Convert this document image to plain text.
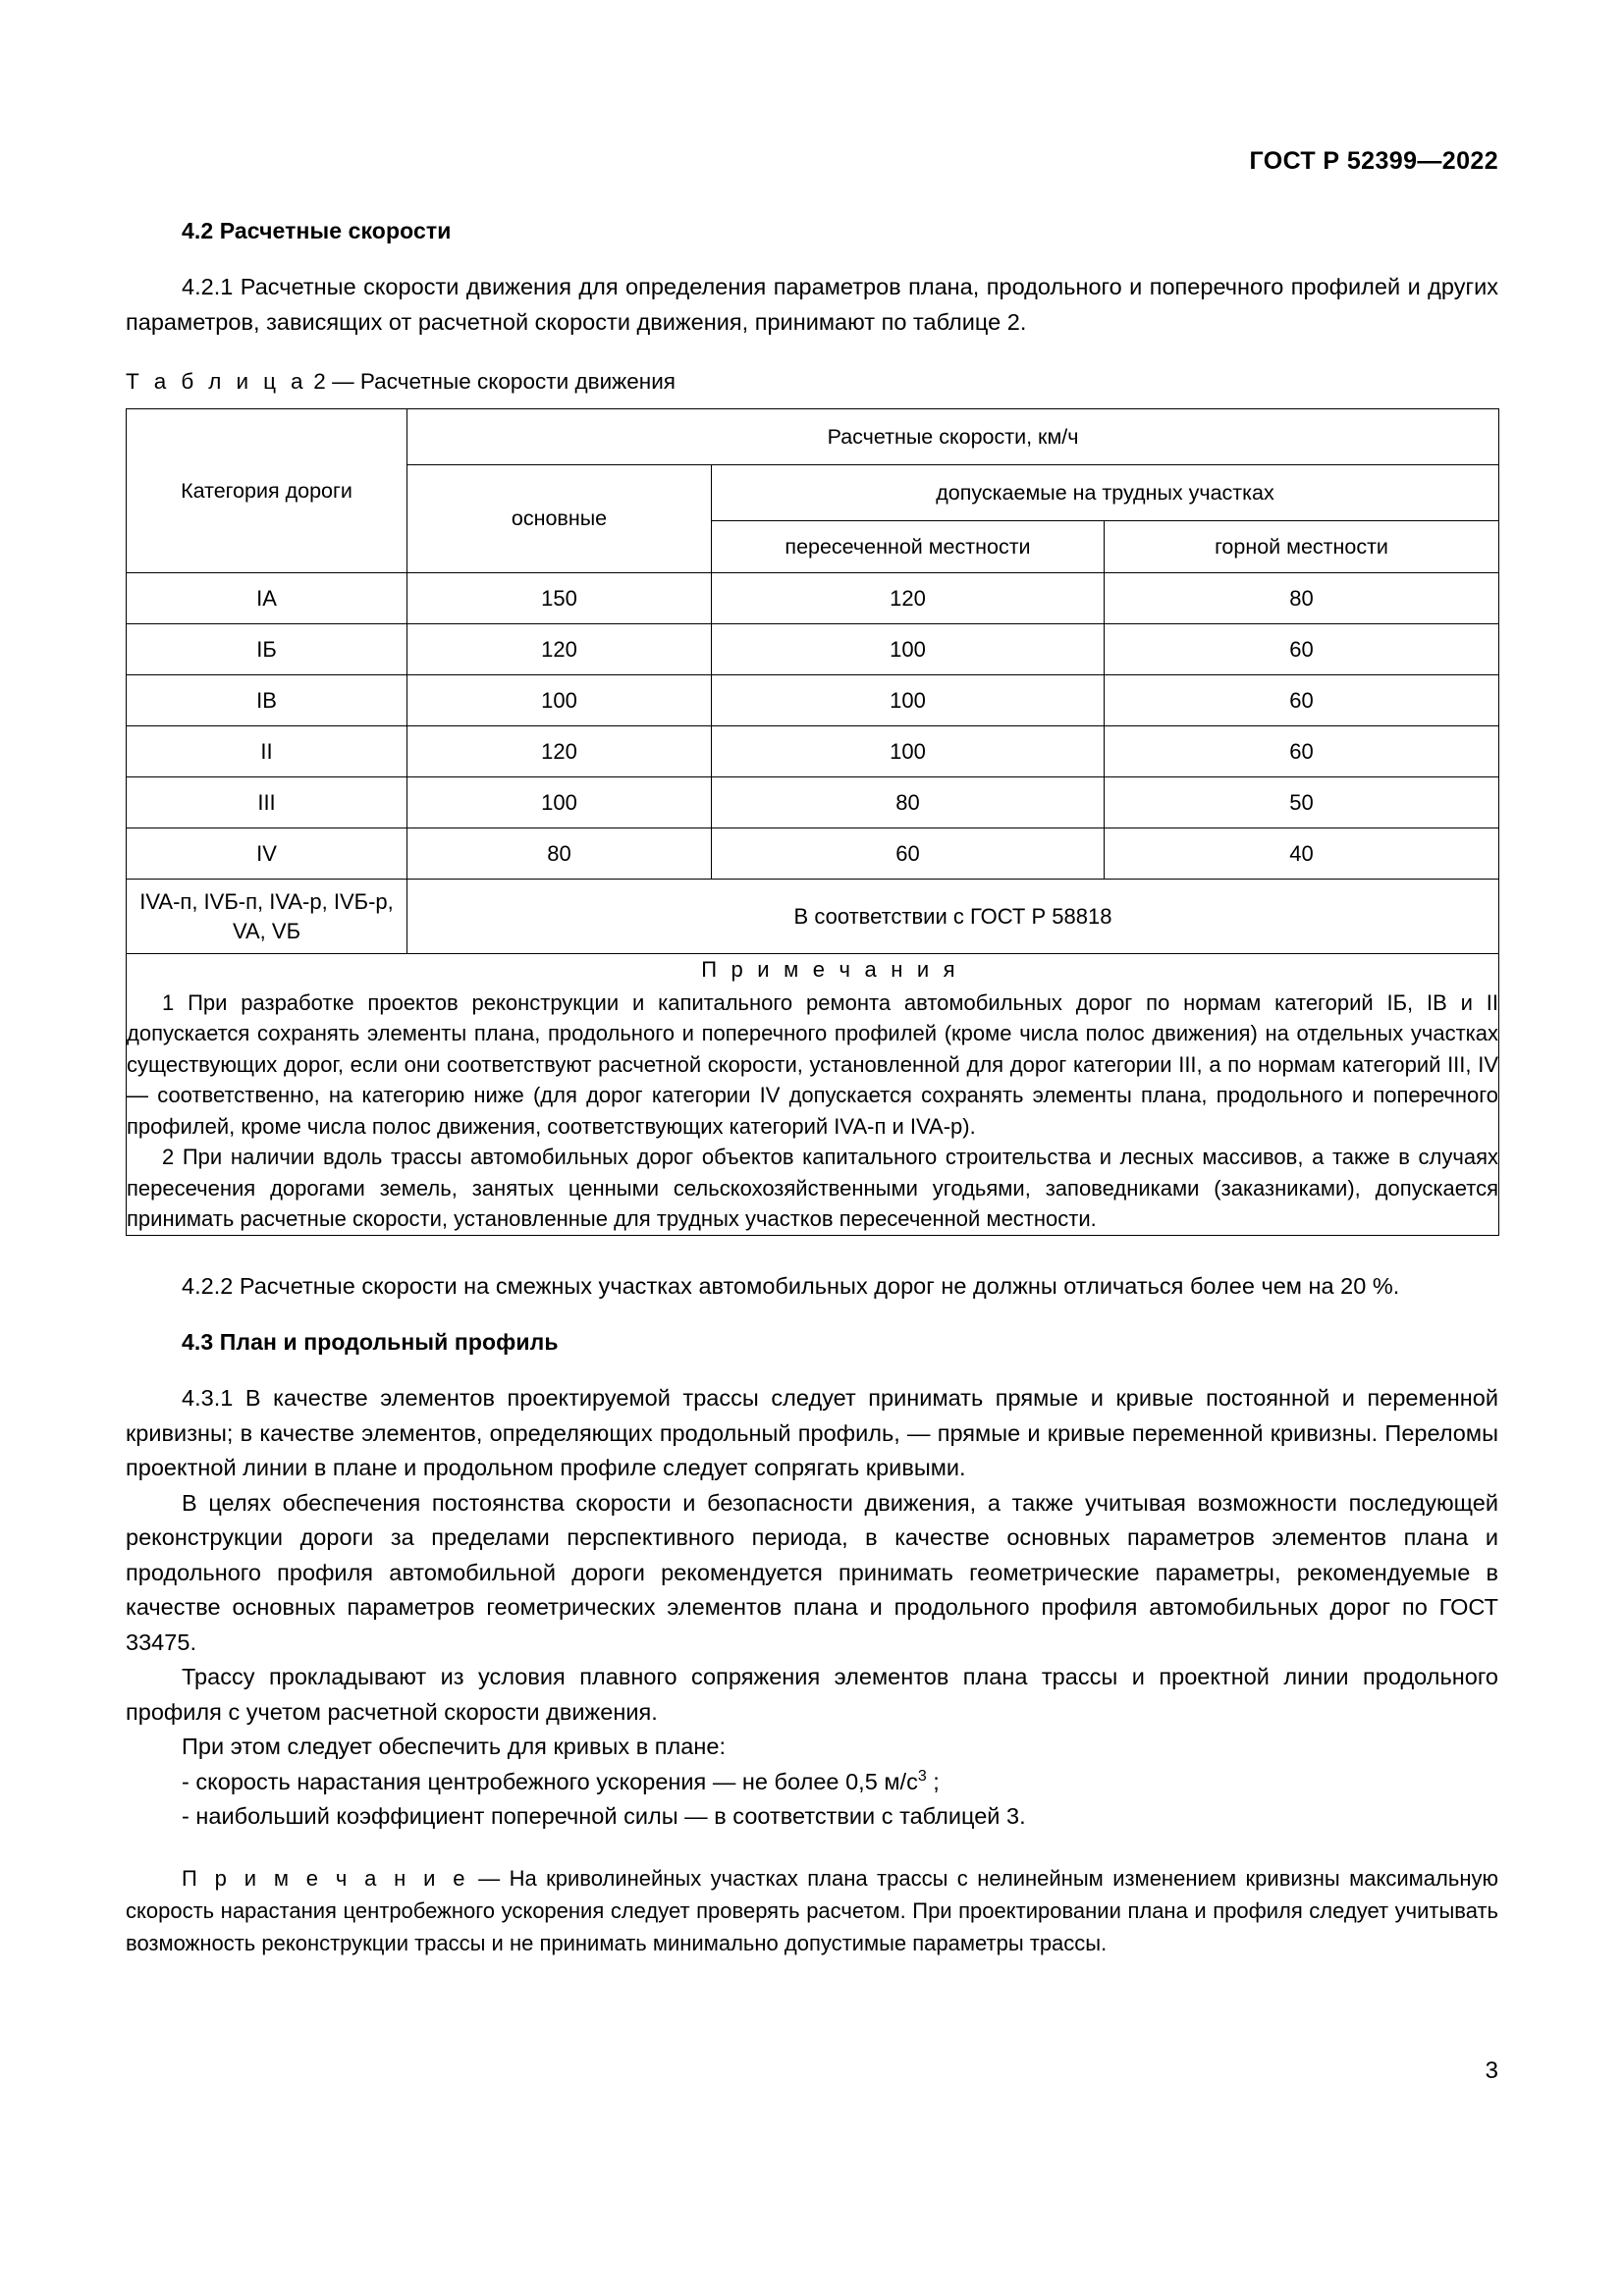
ГОСТ Р 52399—2022
4.2 Расчетные скорости

4.2.1 Расчетные скорости движения для определения параметров плана, продольного и поперечного профилей и других параметров, зависящих от расчетной скорости движения, принимают по таблице 2.

Т а б л и ц а 2 — Расчетные скорости движения
Категория дороги	Расчетные скорости, км/ч		
	основные	допускаемые на трудных участках	
		пересеченной местности	горной местности
IA	150	120	80
IБ	120	100	60
IВ	100	100	60
II	120	100	60
III	100	80	50
IV	80	60	40
IVA-п, IVБ-п, IVA-р, IVБ-р, VA, VБ	В соответствии с ГОСТ Р 58818		

П р и м е ч а н и я

1 При разработке проектов реконструкции и капитального ремонта автомобильных дорог по нормам категорий IБ, IВ и II допускается сохранять элементы плана, продольного и поперечного профилей (кроме числа полос движения) на отдельных участках существующих дорог, если они соответствуют расчетной скорости, установленной для дорог категории III, а по нормам категорий III, IV — соответственно, на категорию ниже (для дорог категории IV допускается сохранять элементы плана, продольного и поперечного профилей, кроме числа полос движения, соответствующих категорий IVA-п и IVA-р).

2 При наличии вдоль трассы автомобильных дорог объектов капитального строительства и лесных массивов, а также в случаях пересечения дорогами земель, занятых ценными сельскохозяйственными угодьями, заповедниками (заказниками), допускается принимать расчетные скорости, установленные для трудных участков пересеченной местности.			

4.2.2 Расчетные скорости на смежных участках автомобильных дорог не должны отличаться более чем на 20 %.

4.3 План и продольный профиль

4.3.1 В качестве элементов проектируемой трассы следует принимать прямые и кривые постоянной и переменной кривизны; в качестве элементов, определяющих продольный профиль, — прямые и кривые переменной кривизны. Переломы проектной линии в плане и продольном профиле следует сопрягать кривыми.

В целях обеспечения постоянства скорости и безопасности движения, а также учитывая возможности последующей реконструкции дороги за пределами перспективного периода, в качестве основных параметров элементов плана и продольного профиля автомобильной дороги рекомендуется принимать геометрические параметры, рекомендуемые в качестве основных параметров геометрических элементов плана и продольного профиля автомобильных дорог по ГОСТ 33475.

Трассу прокладывают из условия плавного сопряжения элементов плана трассы и проектной линии продольного профиля с учетом расчетной скорости движения.

При этом следует обеспечить для кривых в плане:

- скорость нарастания центробежного ускорения — не более 0,5 $м/с^3$ ;

- наибольший коэффициент поперечной силы — в соответствии с таблицей 3.

П р и м е ч а н и е — На криволинейных участках плана трассы с нелинейным изменением кривизны максимальную скорость нарастания центробежного ускорения следует проверять расчетом. При проектировании плана и профиля следует учитывать возможность реконструкции трассы и не принимать минимально допустимые параметры трассы.
3
